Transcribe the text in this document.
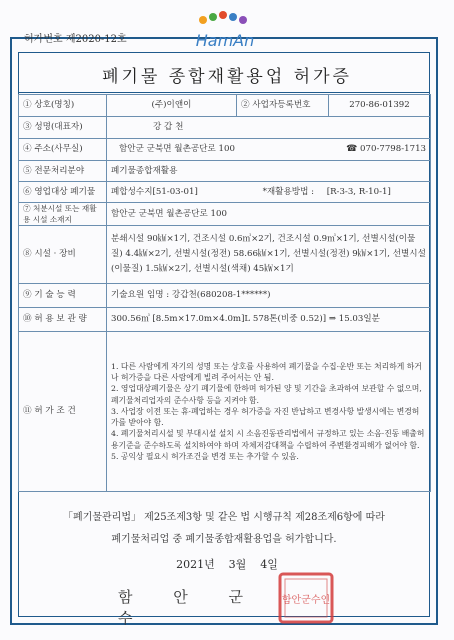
허가번호 제2020-12호	HamAn
폐기물 종합재활용업 허가증
① 상호(명칭)	(주)이앤이	② 사업자등록번호	270-86-01392
③ 성명(대표자)	강 갑 천		
④ 주소(사무실)	함안군 군북면 월촌공단로 100 ☎ 070-7798-1713		

⑤ 전문처리분야	폐기물종합재활용		
⑥ 영업대상 폐기물	폐합성수지[51-03-01] *재활용방법 : [R-3-3, R-10-1]		
⑦ 처분시설 또는 재활용 시설 소재지	함안군 군북면 월촌공단로 100		
⑧ 시설 · 장비	분쇄시설 90㎾×1기, 건조시설 0.6㎥×2기, 건조시설 0.9㎥×1기, 선별시설(이물질) 4.4㎾×2기, 선별시설(정전) 58.66㎾×1기, 선별시설(정전) 9㎾×1기, 선별시설(이물질) 1.5㎾×2기, 선별시설(색채) 45㎾×1기		
⑨ 기 술 능 력	기술요원 임명 : 강갑천(680208-1******)		
⑩ 허 용 보 관 량	300.56㎥ [8.5m×17.0m×4.0m]L 578톤(비중 0.52)] ⇒ 15.03일분		
⑪ 허 가 조 건	1. 다른 사람에게 자기의 성명 또는 상호를 사용하여 폐기물을 수집·운반 또는 처리하게 하거나 허가증을 다른 사람에게 빌려 주어서는 안 됨.
2. 영업대상폐기물은 상기 폐기물에 한하며 허가된 양 및 기간을 초과하여 보관할 수 없으며, 폐기물처리업자의 준수사항 등을 지켜야 함.
3. 사업장 이전 또는 휴·폐업하는 경우 허가증을 자진 반납하고 변경사항 발생시에는 변경허가를 받아야 함.
4. 폐기물처리시설 및 부대시설 설치 시 소음진동관리법에서 규정하고 있는 소음·진동 배출허용기준을 준수하도록 설치하여야 하며 자체저감대책을 수립하여 주변환경피해가 없어야 함.
5. 공익상 필요시 허가조건을 변경 또는 추가할 수 있음.		
「폐기물관리법」 제25조제3항 및 같은 법 시행규칙 제28조제6항에 따라
폐기물처리업 중 폐기물종합재활용업을 허가합니다.
2021년    3월    4일
함 안 군 수
함안군수인
